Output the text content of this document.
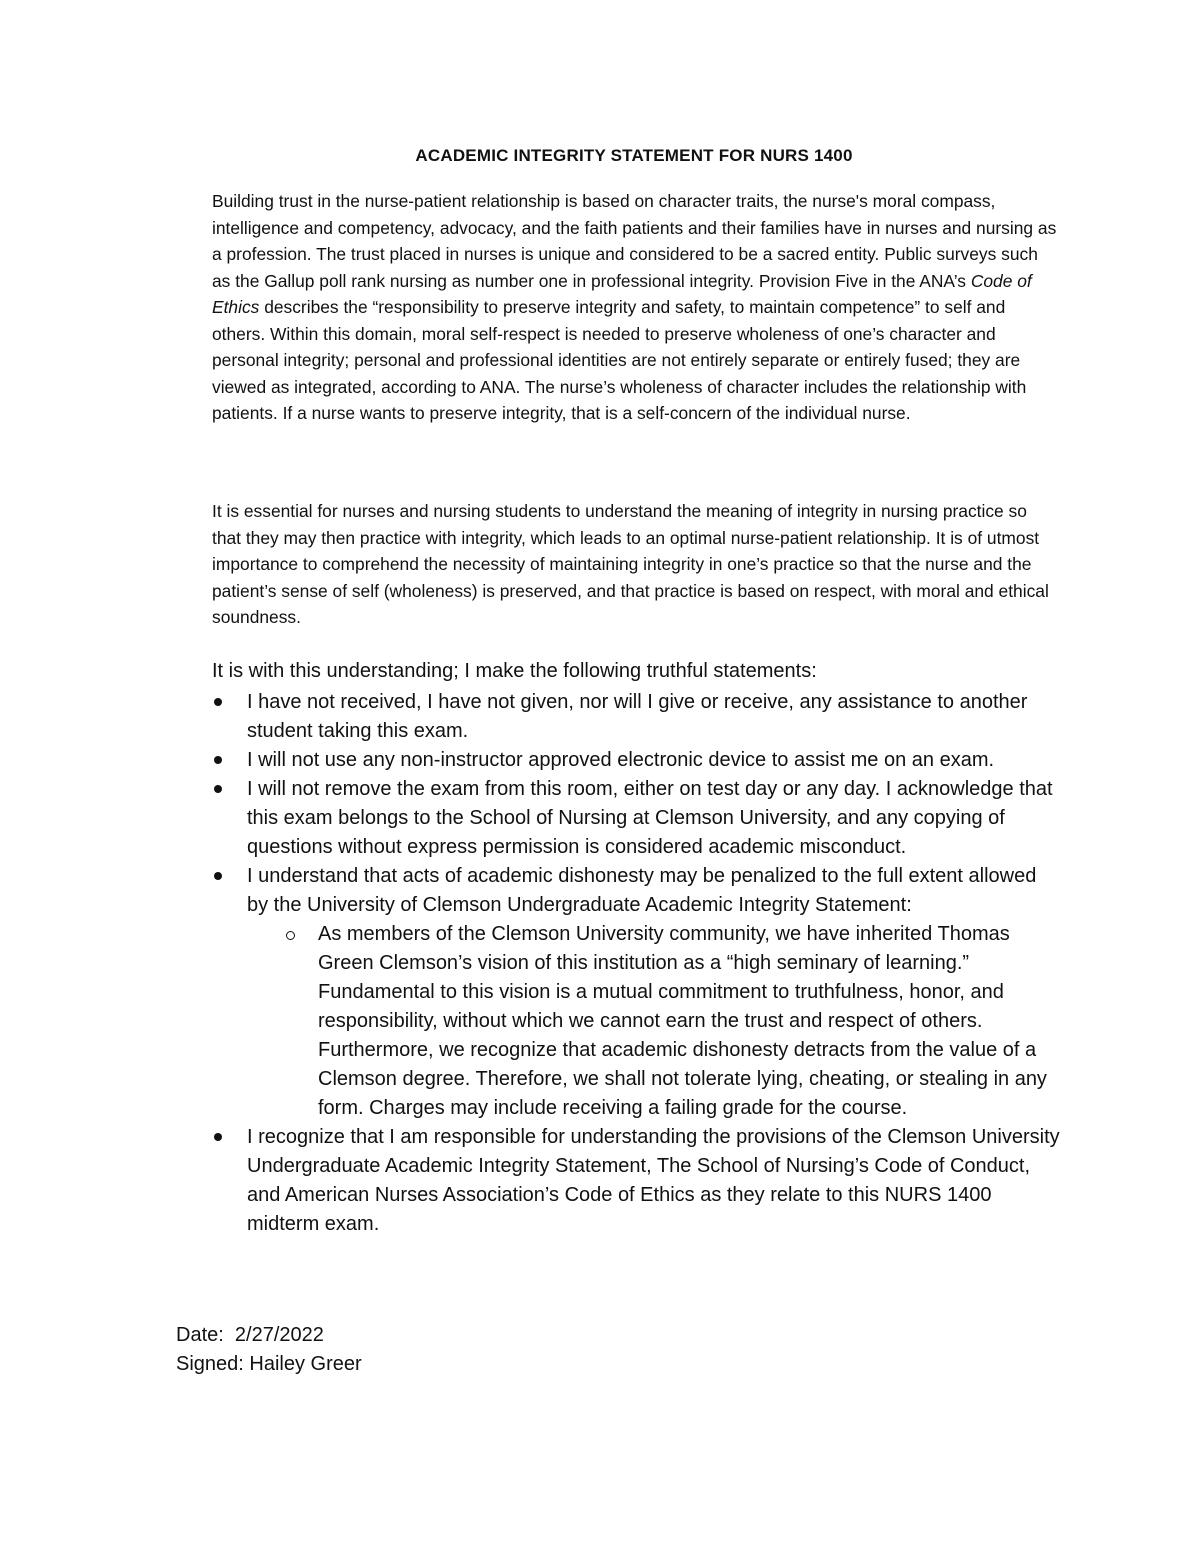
ACADEMIC INTEGRITY STATEMENT FOR NURS 1400

Building trust in the nurse-patient relationship is based on character traits, the nurse's moral compass, intelligence and competency, advocacy, and the faith patients and their families have in nurses and nursing as a profession. The trust placed in nurses is unique and considered to be a sacred entity. Public surveys such as the Gallup poll rank nursing as number one in professional integrity. Provision Five in the ANA’s Code of Ethics describes the “responsibility to preserve integrity and safety, to maintain competence” to self and others. Within this domain, moral self-respect is needed to preserve wholeness of one’s character and personal integrity; personal and professional identities are not entirely separate or entirely fused; they are viewed as integrated, according to ANA. The nurse’s wholeness of character includes the relationship with patients. If a nurse wants to preserve integrity, that is a self-concern of the individual nurse.

It is essential for nurses and nursing students to understand the meaning of integrity in nursing practice so that they may then practice with integrity, which leads to an optimal nurse-patient relationship. It is of utmost importance to comprehend the necessity of maintaining integrity in one’s practice so that the nurse and the patient’s sense of self (wholeness) is preserved, and that practice is based on respect, with moral and ethical soundness.

It is with this understanding; I make the following truthful statements:

I have not received, I have not given, nor will I give or receive, any assistance to another student taking this exam.
I will not use any non-instructor approved electronic device to assist me on an exam.
I will not remove the exam from this room, either on test day or any day. I acknowledge that this exam belongs to the School of Nursing at Clemson University, and any copying of questions without express permission is considered academic misconduct.
I understand that acts of academic dishonesty may be penalized to the full extent allowed by the University of Clemson Undergraduate Academic Integrity Statement:
As members of the Clemson University community, we have inherited Thomas Green Clemson’s vision of this institution as a “high seminary of learning.” Fundamental to this vision is a mutual commitment to truthfulness, honor, and responsibility, without which we cannot earn the trust and respect of others. Furthermore, we recognize that academic dishonesty detracts from the value of a Clemson degree. Therefore, we shall not tolerate lying, cheating, or stealing in any form. Charges may include receiving a failing grade for the course.
I recognize that I am responsible for understanding the provisions of the Clemson University Undergraduate Academic Integrity Statement, The School of Nursing’s Code of Conduct, and American Nurses Association’s Code of Ethics as they relate to this NURS 1400 midterm exam.

Date:  2/27/2022

Signed: Hailey Greer
